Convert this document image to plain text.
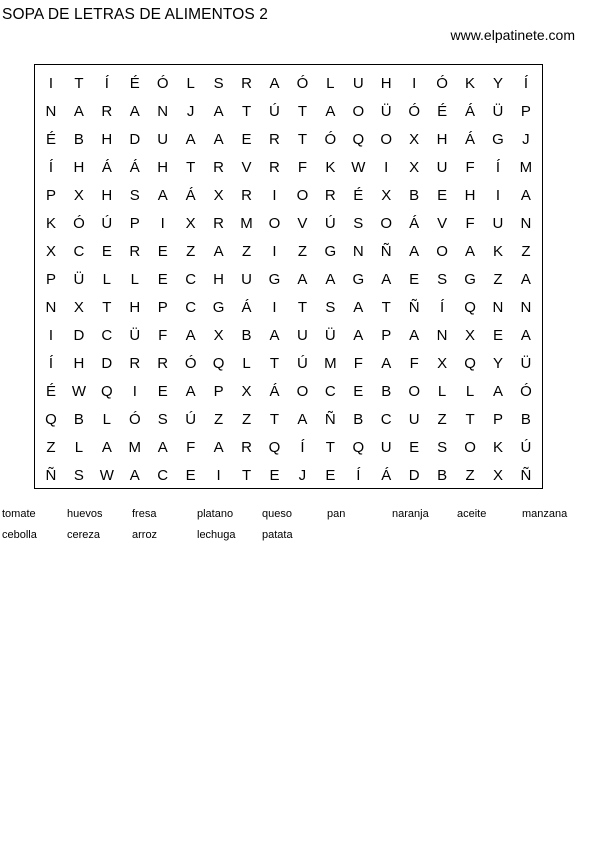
SOPA DE LETRAS DE ALIMENTOS 2
www.elpatinete.com
I	T	Í	É	Ó	L	S	R	A	Ó	L	U	H	I	Ó	K	Y	Í
N	A	R	A	N	J	A	T	Ú	T	A	O	Ü	Ó	É	Á	Ü	P
É	B	H	D	U	A	A	E	R	T	Ó	Q	O	X	H	Á	G	J
Í	H	Á	Á	H	T	R	V	R	F	K	W	I	X	U	F	Í	M
P	X	H	S	A	Á	X	R	I	O	R	É	X	B	E	H	I	A
K	Ó	Ú	P	I	X	R	M	O	V	Ú	S	O	Á	V	F	U	N
X	C	E	R	E	Z	A	Z	I	Z	G	N	Ñ	A	O	A	K	Z
P	Ü	L	L	E	C	H	U	G	A	A	G	A	E	S	G	Z	A
N	X	T	H	P	C	G	Á	I	T	S	A	T	Ñ	Í	Q	N	N
I	D	C	Ü	F	A	X	B	A	U	Ü	A	P	A	N	X	E	A
Í	H	D	R	R	Ó	Q	L	T	Ú	M	F	A	F	X	Q	Y	Ü
É	W	Q	I	E	A	P	X	Á	O	C	E	B	O	L	L	A	Ó
Q	B	L	Ó	S	Ú	Z	Z	T	A	Ñ	B	C	U	Z	T	P	B
Z	L	A	M	A	F	A	R	Q	Í	T	Q	U	E	S	O	K	Ú
Ñ	S	W	A	C	E	I	T	E	J	E	Í	Á	D	B	Z	X	Ñ
tomate	huevos	fresa	platano	queso	pan	naranja	aceite	manzana
cebolla	cereza	arroz	lechuga	patata
